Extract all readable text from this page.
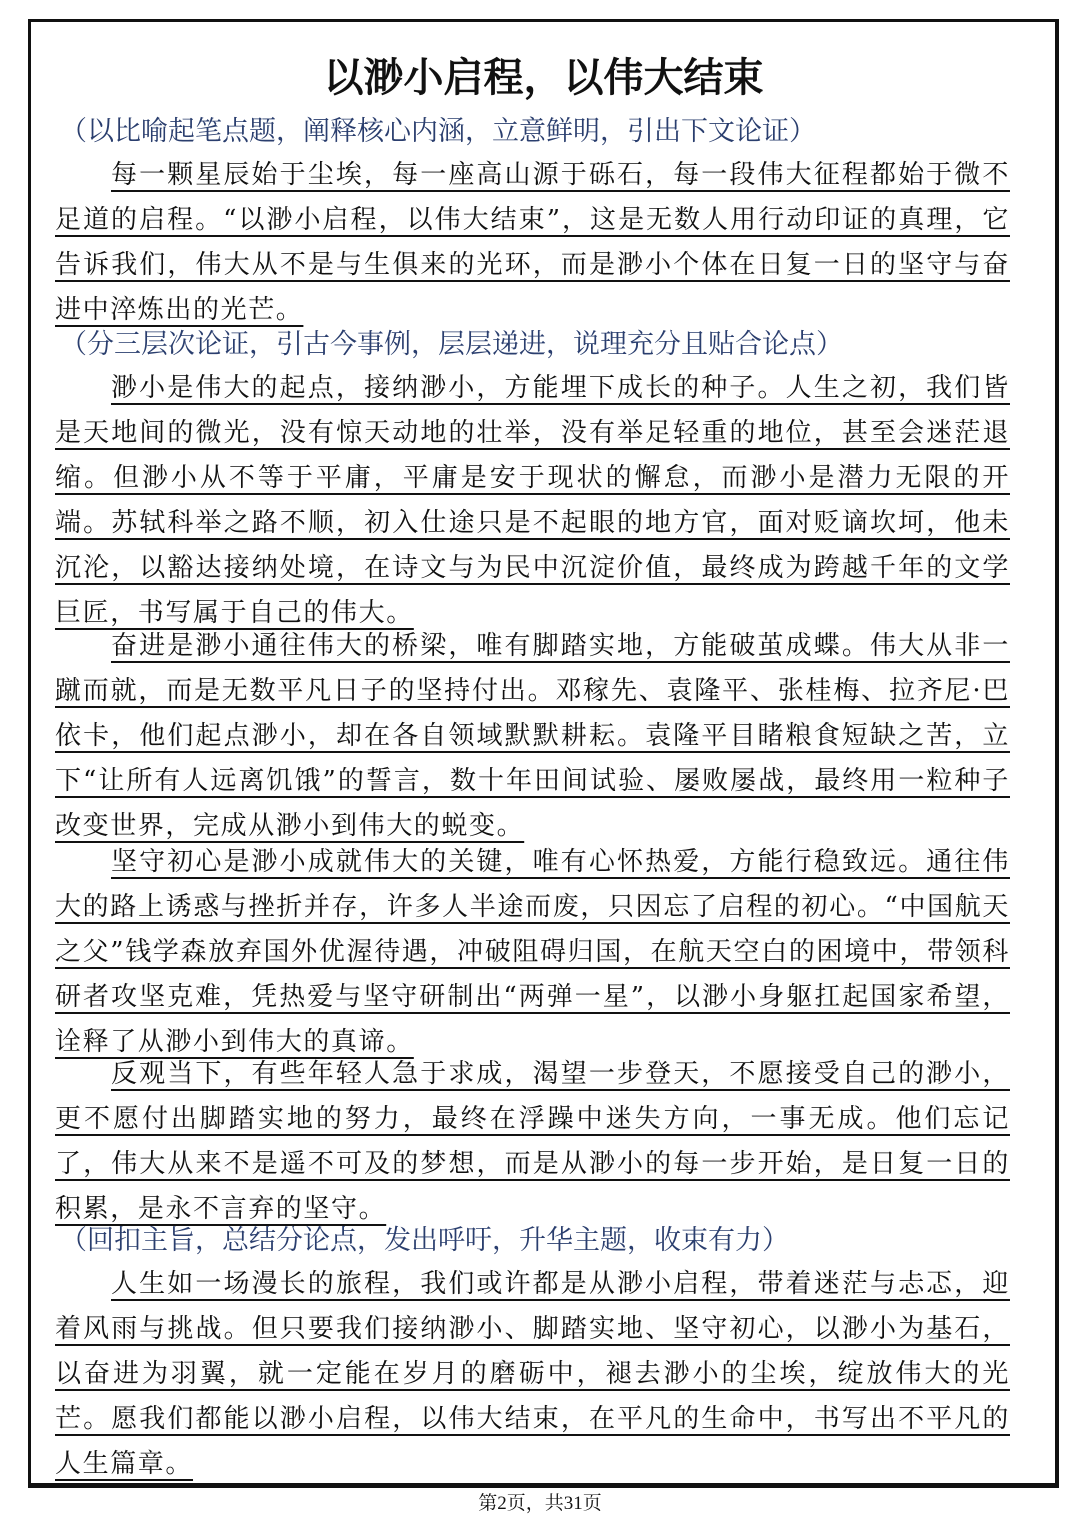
以渺小启程，以伟大结束

（以比喻起笔点题，阐释核心内涵，立意鲜明，引出下文论证）

每一颗星辰始于尘埃，每一座高山源于砾石，每一段伟大征程都始于微不足道的启程。“以渺小启程，以伟大结束”，这是无数人用行动印证的真理，它告诉我们，伟大从不是与生俱来的光环，而是渺小个体在日复一日的坚守与奋进中淬炼出的光芒。

（分三层次论证，引古今事例，层层递进，说理充分且贴合论点）

渺小是伟大的起点，接纳渺小，方能埋下成长的种子。人生之初，我们皆是天地间的微光，没有惊天动地的壮举，没有举足轻重的地位，甚至会迷茫退缩。但渺小从不等于平庸，平庸是安于现状的懈怠，而渺小是潜力无限的开端。苏轼科举之路不顺，初入仕途只是不起眼的地方官，面对贬谪坎坷，他未沉沦，以豁达接纳处境，在诗文与为民中沉淀价值，最终成为跨越千年的文学巨匠，书写属于自己的伟大。

奋进是渺小通往伟大的桥梁，唯有脚踏实地，方能破茧成蝶。伟大从非一蹴而就，而是无数平凡日子的坚持付出。邓稼先、袁隆平、张桂梅、拉齐尼·巴依卡，他们起点渺小，却在各自领域默默耕耘。袁隆平目睹粮食短缺之苦，立下“让所有人远离饥饿”的誓言，数十年田间试验、屡败屡战，最终用一粒种子改变世界，完成从渺小到伟大的蜕变。

坚守初心是渺小成就伟大的关键，唯有心怀热爱，方能行稳致远。通往伟大的路上诱惑与挫折并存，许多人半途而废，只因忘了启程的初心。“中国航天之父”钱学森放弃国外优渥待遇，冲破阻碍归国，在航天空白的困境中，带领科研者攻坚克难，凭热爱与坚守研制出“两弹一星”，以渺小身躯扛起国家希望，诠释了从渺小到伟大的真谛。

反观当下，有些年轻人急于求成，渴望一步登天，不愿接受自己的渺小，更不愿付出脚踏实地的努力，最终在浮躁中迷失方向，一事无成。他们忘记了，伟大从来不是遥不可及的梦想，而是从渺小的每一步开始，是日复一日的积累，是永不言弃的坚守。

（回扣主旨，总结分论点，发出呼吁，升华主题，收束有力）

人生如一场漫长的旅程，我们或许都是从渺小启程，带着迷茫与忐忑，迎着风雨与挑战。但只要我们接纳渺小、脚踏实地、坚守初心，以渺小为基石，以奋进为羽翼，就一定能在岁月的磨砺中，褪去渺小的尘埃，绽放伟大的光芒。愿我们都能以渺小启程，以伟大结束，在平凡的生命中，书写出不平凡的人生篇章。

第2页，共31页
